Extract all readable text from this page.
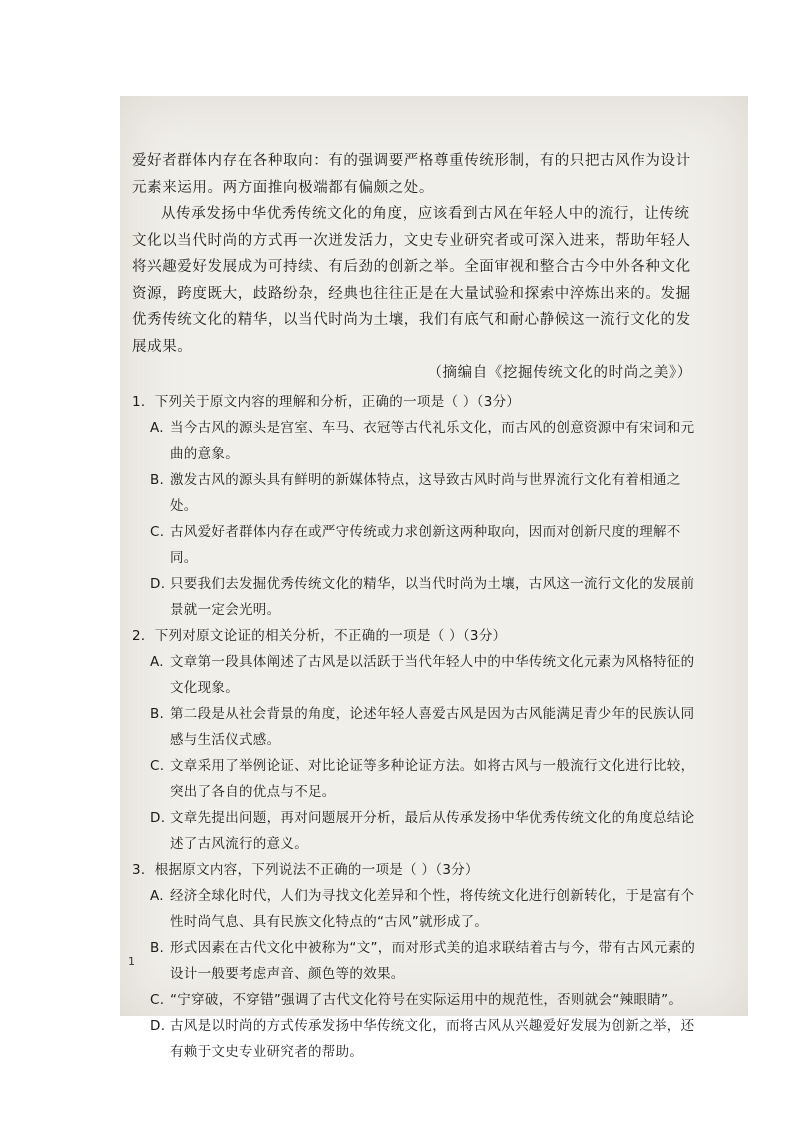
爱好者群体内存在各种取向：有的强调要严格尊重传统形制，有的只把古风作为设计元素来运用。两方面推向极端都有偏颇之处。

从传承发扬中华优秀传统文化的角度，应该看到古风在年轻人中的流行，让传统文化以当代时尚的方式再一次迸发活力，文史专业研究者或可深入进来，帮助年轻人将兴趣爱好发展成为可持续、有后劲的创新之举。全面审视和整合古今中外各种文化资源，跨度既大，歧路纷杂，经典也往往正是在大量试验和探索中淬炼出来的。发掘优秀传统文化的精华，以当代时尚为土壤，我们有底气和耐心静候这一流行文化的发展成果。

（摘编自《挖掘传统文化的时尚之美》）

1．下列关于原文内容的理解和分析，正确的一项是（ ）（3分）

A. 当今古风的源头是宫室、车马、衣冠等古代礼乐文化，而古风的创意资源中有宋词和元曲的意象。

B. 激发古风的源头具有鲜明的新媒体特点，这导致古风时尚与世界流行文化有着相通之处。

C. 古风爱好者群体内存在或严守传统或力求创新这两种取向，因而对创新尺度的理解不同。

D. 只要我们去发掘优秀传统文化的精华，以当代时尚为土壤，古风这一流行文化的发展前景就一定会光明。

2．下列对原文论证的相关分析，不正确的一项是（ ）（3分）

A. 文章第一段具体阐述了古风是以活跃于当代年轻人中的中华传统文化元素为风格特征的文化现象。

B. 第二段是从社会背景的角度，论述年轻人喜爱古风是因为古风能满足青少年的民族认同感与生活仪式感。

C. 文章采用了举例论证、对比论证等多种论证方法。如将古风与一般流行文化进行比较，突出了各自的优点与不足。

D. 文章先提出问题，再对问题展开分析，最后从传承发扬中华优秀传统文化的角度总结论述了古风流行的意义。

3．根据原文内容，下列说法不正确的一项是（ ）（3分）

A. 经济全球化时代，人们为寻找文化差异和个性，将传统文化进行创新转化，于是富有个性时尚气息、具有民族文化特点的“古风”就形成了。

B. 形式因素在古代文化中被称为“文”，而对形式美的追求联结着古与今，带有古风元素的设计一般要考虑声音、颜色等的效果。

C. “宁穿破，不穿错”强调了古代文化符号在实际运用中的规范性，否则就会“辣眼睛”。

D. 古风是以时尚的方式传承发扬中华传统文化，而将古风从兴趣爱好发展为创新之举，还有赖于文史专业研究者的帮助。

1
